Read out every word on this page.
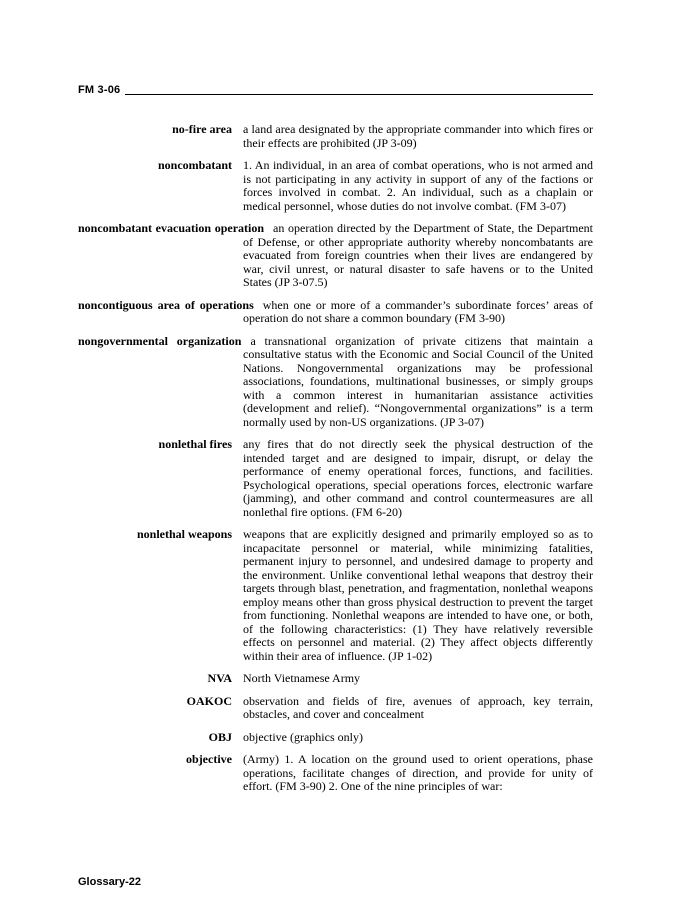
FM 3-06
no-fire area a land area designated by the appropriate commander into which fires or their effects are prohibited (JP 3-09)
noncombatant 1. An individual, in an area of combat operations, who is not armed and is not participating in any activity in support of any of the factions or forces involved in combat. 2. An individual, such as a chaplain or medical personnel, whose duties do not involve combat. (FM 3-07)
noncombatant evacuation operation an operation directed by the Department of State, the Department of Defense, or other appropriate authority whereby noncombatants are evacuated from foreign countries when their lives are endangered by war, civil unrest, or natural disaster to safe havens or to the United States (JP 3-07.5)
noncontiguous area of operations when one or more of a commander’s subordinate forces’ areas of operation do not share a common boundary (FM 3-90)
nongovernmental organization a transnational organization of private citizens that maintain a consultative status with the Economic and Social Council of the United Nations. Nongovernmental organizations may be professional associations, foundations, multinational businesses, or simply groups with a common interest in humanitarian assistance activities (development and relief). “Nongovernmental organizations” is a term normally used by non-US organizations. (JP 3-07)
nonlethal fires any fires that do not directly seek the physical destruction of the intended target and are designed to impair, disrupt, or delay the performance of enemy operational forces, functions, and facilities. Psychological operations, special operations forces, electronic warfare (jamming), and other command and control countermeasures are all nonlethal fire options. (FM 6-20)
nonlethal weapons weapons that are explicitly designed and primarily employed so as to incapacitate personnel or material, while minimizing fatalities, permanent injury to personnel, and undesired damage to property and the environment. Unlike conventional lethal weapons that destroy their targets through blast, penetration, and fragmentation, nonlethal weapons employ means other than gross physical destruction to prevent the target from functioning. Nonlethal weapons are intended to have one, or both, of the following characteristics: (1) They have relatively reversible effects on personnel and material. (2) They affect objects differently within their area of influence. (JP 1-02)
NVA North Vietnamese Army
OAKOC observation and fields of fire, avenues of approach, key terrain, obstacles, and cover and concealment
OBJ objective (graphics only)
objective (Army) 1. A location on the ground used to orient operations, phase operations, facilitate changes of direction, and provide for unity of effort. (FM 3-90) 2. One of the nine principles of war:
Glossary-22
